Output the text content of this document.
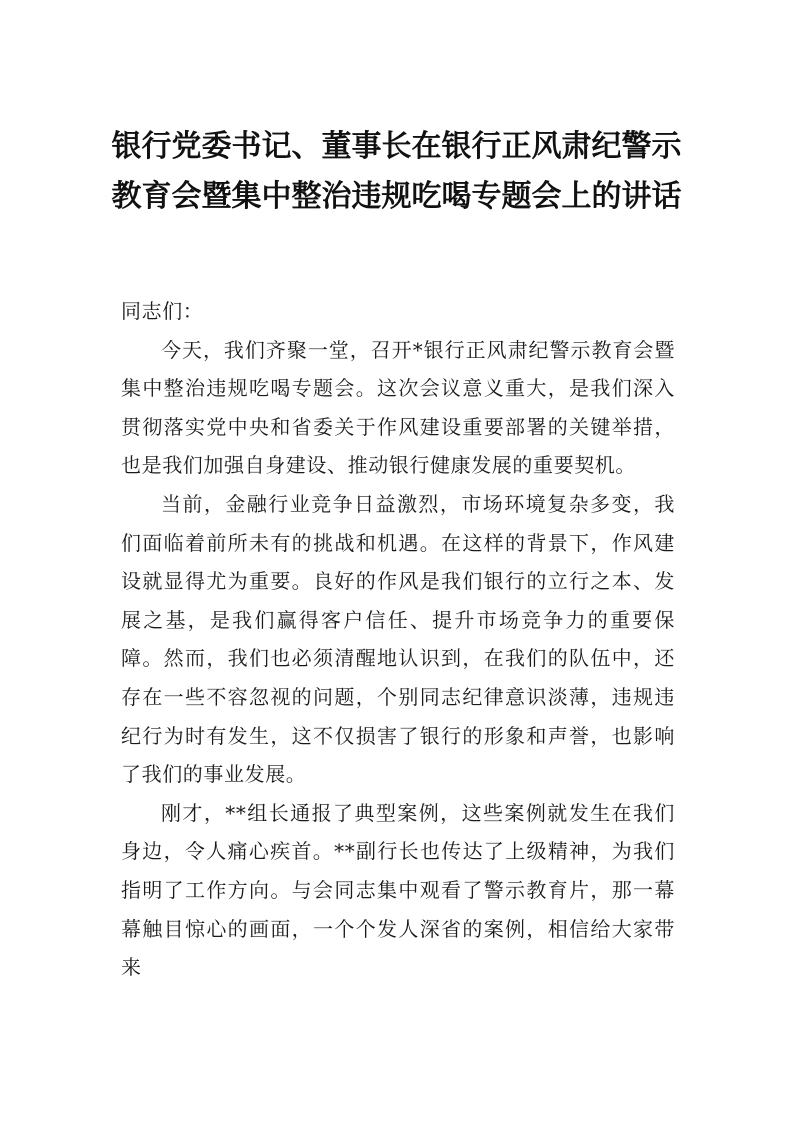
银行党委书记、董事长在银行正风肃纪警示教育会暨集中整治违规吃喝专题会上的讲话

同志们：

今天，我们齐聚一堂，召开*银行正风肃纪警示教育会暨集中整治违规吃喝专题会。这次会议意义重大，是我们深入贯彻落实党中央和省委关于作风建设重要部署的关键举措，也是我们加强自身建设、推动银行健康发展的重要契机。

当前，金融行业竞争日益激烈，市场环境复杂多变，我们面临着前所未有的挑战和机遇。在这样的背景下，作风建设就显得尤为重要。良好的作风是我们银行的立行之本、发展之基，是我们赢得客户信任、提升市场竞争力的重要保障。然而，我们也必须清醒地认识到，在我们的队伍中，还存在一些不容忽视的问题，个别同志纪律意识淡薄，违规违纪行为时有发生，这不仅损害了银行的形象和声誉，也影响了我们的事业发展。

刚才，**组长通报了典型案例，这些案例就发生在我们身边，令人痛心疾首。**副行长也传达了上级精神，为我们指明了工作方向。与会同志集中观看了警示教育片，那一幕幕触目惊心的画面，一个个发人深省的案例，相信给大家带来
